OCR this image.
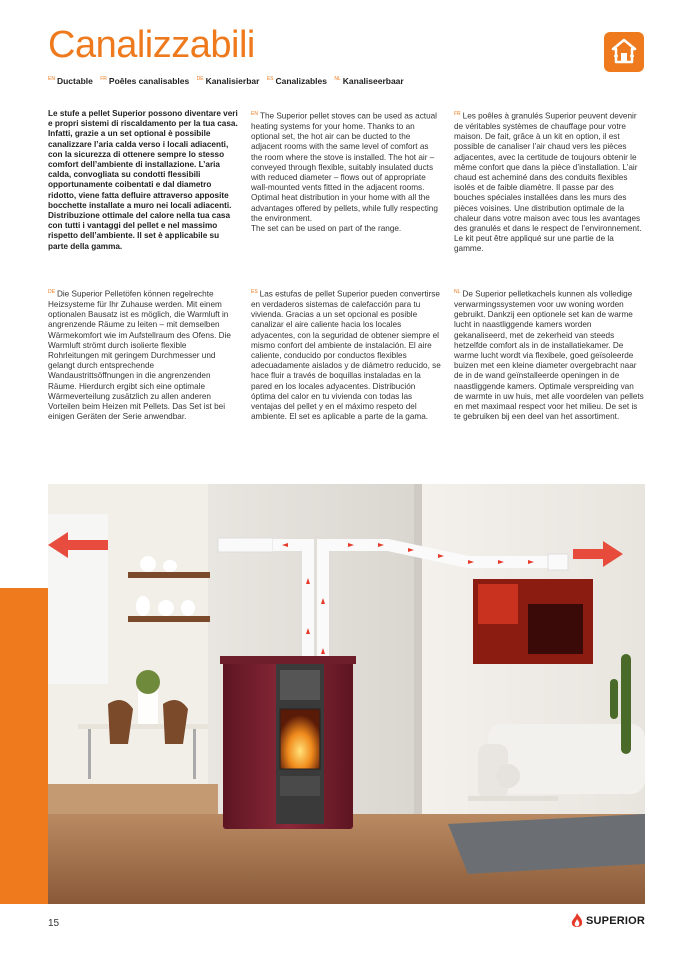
Canalizzabili
$^{EN}$ Ductable $^{FR}$ Poêles canalisables $^{DE}$ Kanalisierbar $^{ES}$ Canalizables $^{NL}$ Kanaliseerbaar
Le stufe a pellet Superior possono diventare veri e propri sistemi di riscaldamento per la tua casa. Infatti, grazie a un set optional è possibile canalizzare l’aria calda verso i locali adiacenti, con la sicurezza di ottenere sempre lo stesso comfort dell’ambiente di installazione. L’aria calda, convogliata su condotti flessibili opportunamente coibentati e dal diametro ridotto, viene fatta defluire attraverso apposite bocchette installate a muro nei locali adiacenti. Distribuzione ottimale del calore nella tua casa con tutti i vantaggi del pellet e nel massimo rispetto dell’ambiente. Il set è applicabile su parte della gamma.
$^{EN}$ The Superior pellet stoves can be used as actual heating systems for your home. Thanks to an optional set, the hot air can be ducted to the adjacent rooms with the same level of comfort as the room where the stove is installed. The hot air – conveyed through flexible, suitably insulated ducts with reduced diameter – flows out of appropriate wall-mounted vents fitted in the adjacent rooms. Optimal heat distribution in your home with all the advantages offered by pellets, while fully respecting the environment.
The set can be used on part of the range.
$^{FR}$ Les poêles à granulés Superior peuvent devenir de véritables systèmes de chauffage pour votre maison. De fait, grâce à un kit en option, il est possible de canaliser l’air chaud vers les pièces adjacentes, avec la certitude de toujours obtenir le même confort que dans la pièce d’installation. L’air chaud est acheminé dans des conduits flexibles isolés et de faible diamètre. Il passe par des bouches spéciales installées dans les murs des pièces voisines. Une distribution optimale de la chaleur dans votre maison avec tous les avantages des granulés et dans le respect de l’environnement. Le kit peut être appliqué sur une partie de la gamme.
$^{DE}$ Die Superior Pelletöfen können regelrechte Heizsysteme für Ihr Zuhause werden. Mit einem optionalen Bausatz ist es möglich, die Warmluft in angrenzende Räume zu leiten – mit demselben Wärmekomfort wie im Aufstellraum des Ofens. Die Warmluft strömt durch isolierte flexible Rohrleitungen mit geringem Durchmesser und gelangt durch entsprechende Wandaustrittsöffnungen in die angrenzenden Räume. Hierdurch ergibt sich eine optimale Wärmeverteilung zusätzlich zu allen anderen Vorteilen beim Heizen mit Pellets. Das Set ist bei einigen Geräten der Serie anwendbar.
$^{ES}$ Las estufas de pellet Superior pueden convertirse en verdaderos sistemas de calefacción para tu vivienda. Gracias a un set opcional es posible canalizar el aire caliente hacia los locales adyacentes, con la seguridad de obtener siempre el mismo confort del ambiente de instalación. El aire caliente, conducido por conductos flexibles adecuadamente aislados y de diámetro reducido, se hace fluir a través de boquillas instaladas en la pared en los locales adyacentes. Distribución óptima del calor en tu vivienda con todas las ventajas del pellet y en el máximo respeto del ambiente. El set es aplicable a parte de la gama.
$^{NL}$ De Superior pelletkachels kunnen als volledige verwarmingssystemen voor uw woning worden gebruikt. Dankzij een optionele set kan de warme lucht in naastliggende kamers worden gekanaliseerd, met de zekerheid van steeds hetzelfde comfort als in de installatiekamer. De warme lucht wordt via flexibele, goed geïsoleerde buizen met een kleine diameter overgebracht naar de in de wand geïnstalleerde openingen in de naastliggende kamers. Optimale verspreiding van de warmte in uw huis, met alle voordelen van pellets en met maximaal respect voor het milieu. De set is te gebruiken bij een deel van het assortiment.
15	SUPERIOR
